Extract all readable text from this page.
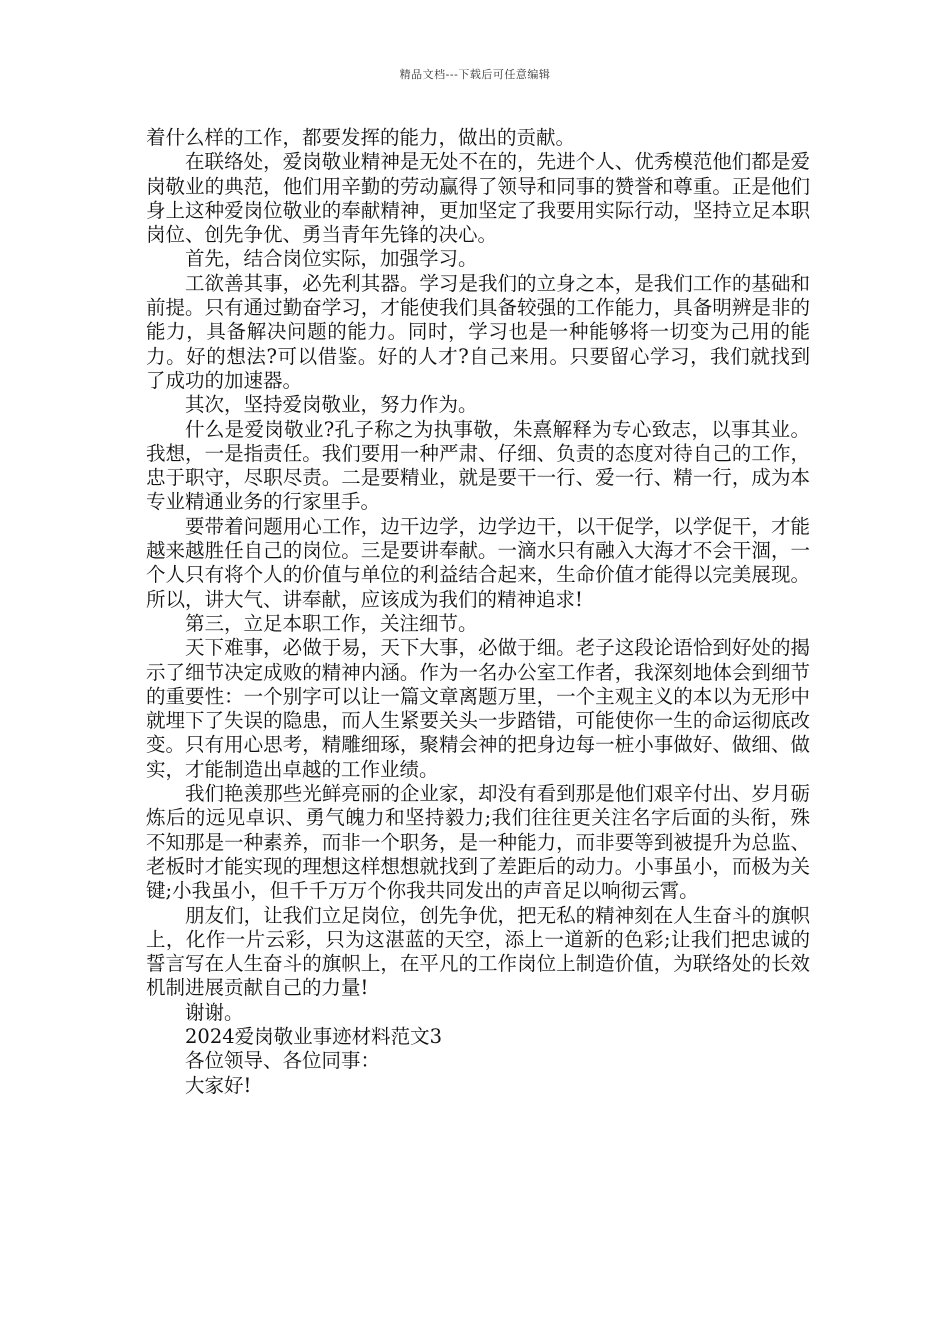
精品文档---下载后可任意编辑

着什么样的工作，都要发挥的能力，做出的贡献。

在联络处，爱岗敬业精神是无处不在的，先进个人、优秀模范他们都是爱岗敬业的典范，他们用辛勤的劳动赢得了领导和同事的赞誉和尊重。正是他们身上这种爱岗位敬业的奉献精神，更加坚定了我要用实际行动，坚持立足本职岗位、创先争优、勇当青年先锋的决心。

首先，结合岗位实际，加强学习。

工欲善其事，必先利其器。学习是我们的立身之本，是我们工作的基础和前提。只有通过勤奋学习，才能使我们具备较强的工作能力，具备明辨是非的能力，具备解决问题的能力。同时，学习也是一种能够将一切变为己用的能力。好的想法?可以借鉴。好的人才?自己来用。只要留心学习，我们就找到了成功的加速器。

其次，坚持爱岗敬业，努力作为。

什么是爱岗敬业?孔子称之为执事敬，朱熹解释为专心致志，以事其业。我想，一是指责任。我们要用一种严肃、仔细、负责的态度对待自己的工作，忠于职守，尽职尽责。二是要精业，就是要干一行、爱一行、精一行，成为本专业精通业务的行家里手。

要带着问题用心工作，边干边学，边学边干，以干促学，以学促干，才能越来越胜任自己的岗位。三是要讲奉献。一滴水只有融入大海才不会干涸，一个人只有将个人的价值与单位的利益结合起来，生命价值才能得以完美展现。所以，讲大气、讲奉献，应该成为我们的精神追求!

第三，立足本职工作，关注细节。

天下难事，必做于易，天下大事，必做于细。老子这段论语恰到好处的揭示了细节决定成败的精神内涵。作为一名办公室工作者，我深刻地体会到细节的重要性：一个别字可以让一篇文章离题万里，一个主观主义的本以为无形中就埋下了失误的隐患，而人生紧要关头一步踏错，可能使你一生的命运彻底改变。只有用心思考，精雕细琢，聚精会神的把身边每一桩小事做好、做细、做实，才能制造出卓越的工作业绩。

我们艳羡那些光鲜亮丽的企业家，却没有看到那是他们艰辛付出、岁月砺炼后的远见卓识、勇气魄力和坚持毅力;我们往往更关注名字后面的头衔，殊不知那是一种素养，而非一个职务，是一种能力，而非要等到被提升为总监、老板时才能实现的理想这样想想就找到了差距后的动力。小事虽小，而极为关键;小我虽小，但千千万万个你我共同发出的声音足以响彻云霄。

朋友们，让我们立足岗位，创先争优，把无私的精神刻在人生奋斗的旗帜上，化作一片云彩，只为这湛蓝的天空，添上一道新的色彩;让我们把忠诚的誓言写在人生奋斗的旗帜上，在平凡的工作岗位上制造价值，为联络处的长效机制进展贡献自己的力量!

谢谢。

2024爱岗敬业事迹材料范文3

各位领导、各位同事：

大家好!
